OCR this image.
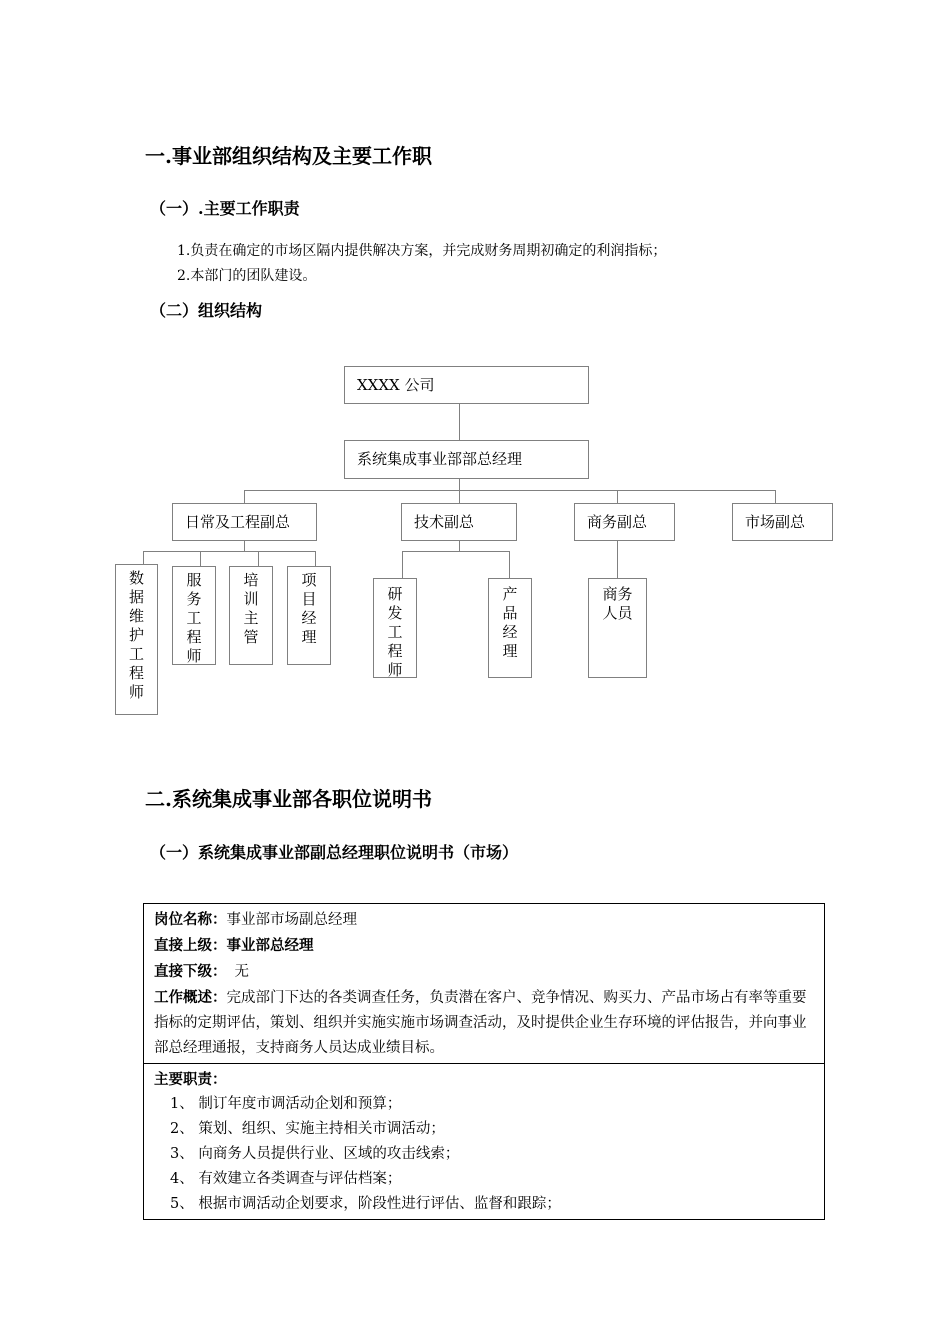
一.事业部组织结构及主要工作职
（一）.主要工作职责
1.负责在确定的市场区隔内提供解决方案，并完成财务周期初确定的利润指标；
2.本部门的团队建设。
（二）组织结构
XXXX 公司
系统集成事业部部总经理
日常及工程副总	技术副总	商务副总	市场副总
数
据
维
护
工
程
师
服
务
工
程
师
培
训
主
管
项
目
经
理
研
发
工
程
师
产
品
经
理
商务
人员
二.系统集成事业部各职位说明书
（一）系统集成事业部副总经理职位说明书（市场）
岗位名称：事业部市场副总经理
直接上级：事业部总经理
直接下级： 无
工作概述：完成部门下达的各类调查任务，负责潜在客户、竞争情况、购买力、产品市场占有率等重要指标的定期评估，策划、组织并实施实施市场调查活动，及时提供企业生存环境的评估报告，并向事业部总经理通报，支持商务人员达成业绩目标。

主要职责：
1、 制订年度市调活动企划和预算；
2、 策划、组织、实施主持相关市调活动；
3、 向商务人员提供行业、区域的攻击线索；
4、 有效建立各类调查与评估档案；
5、 根据市调活动企划要求，阶段性进行评估、监督和跟踪；
